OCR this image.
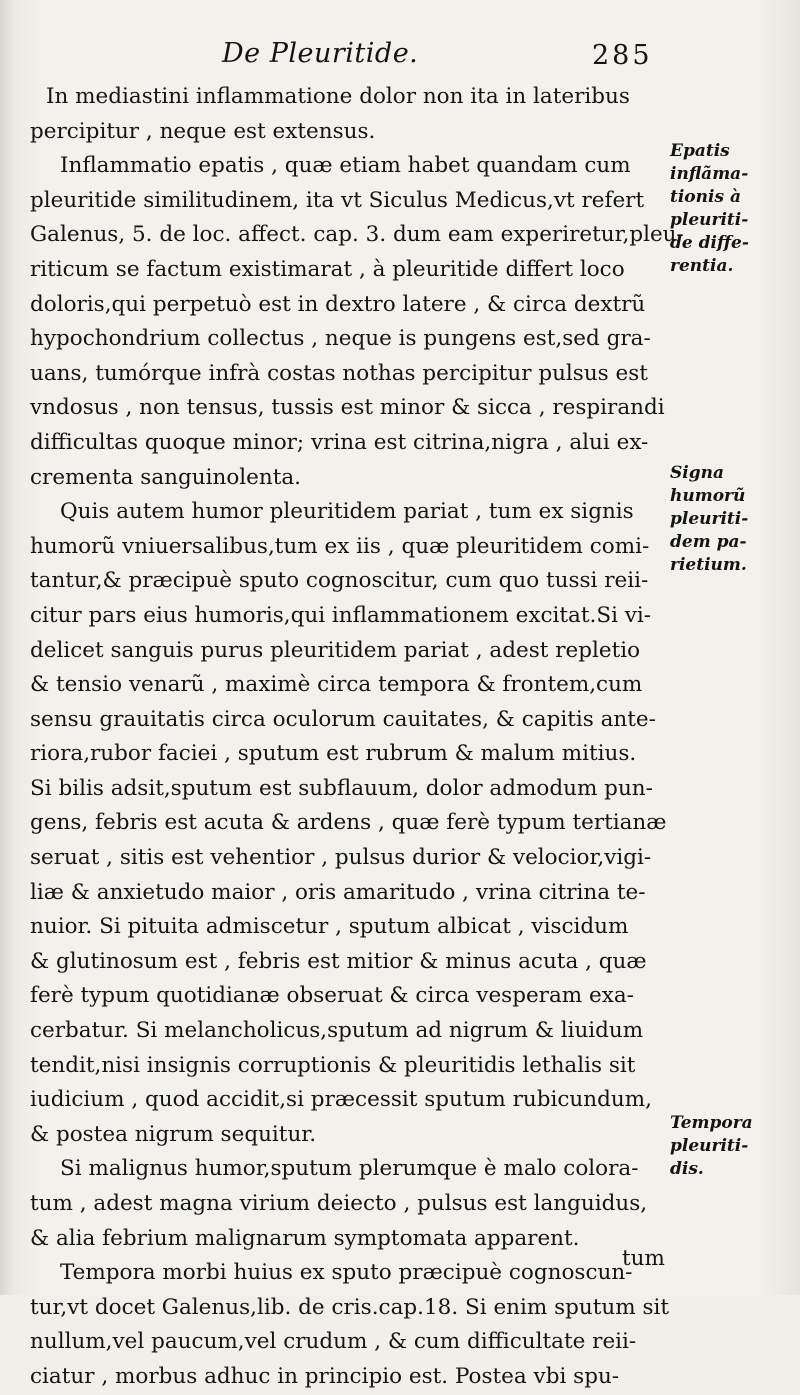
De Pleuritide.	285
In mediastini inflammatione dolor non ita in lateribus
percipitur , neque est extensus.
Inflammatio epatis , quæ etiam habet quandam cum
pleuritide similitudinem, ita vt Siculus Medicus,vt refert
Galenus, 5. de loc. affect. cap. 3. dum eam experiretur,pleu-
riticum se factum existimarat , à pleuritide differt loco
doloris,qui perpetuò est in dextro latere , & circa dextrũ
hypochondrium collectus , neque is pungens est,sed gra-
uans, tumórque infrà costas nothas percipitur pulsus est
vndosus , non tensus, tussis est minor & sicca , respirandi
difficultas quoque minor; vrina est citrina,nigra , alui ex-
crementa sanguinolenta.
Quis autem humor pleuritidem pariat , tum ex signis
humorũ vniuersalibus,tum ex iis , quæ pleuritidem comi-
tantur,& præcipuè sputo cognoscitur, cum quo tussi reii-
citur pars eius humoris,qui inflammationem excitat.Si vi-
delicet sanguis purus pleuritidem pariat , adest repletio
& tensio venarũ , maximè circa tempora & frontem,cum
sensu grauitatis circa oculorum cauitates, & capitis ante-
riora,rubor faciei , sputum est rubrum & malum mitius.
Si bilis adsit,sputum est subflauum, dolor admodum pun-
gens, febris est acuta & ardens , quæ ferè typum tertianæ
seruat , sitis est vehentior , pulsus durior & velocior,vigi-
liæ & anxietudo maior , oris amaritudo , vrina citrina te-
nuior. Si pituita admiscetur , sputum albicat , viscidum
& glutinosum est , febris est mitior & minus acuta , quæ
ferè typum quotidianæ obseruat & circa vesperam exa-
cerbatur. Si melancholicus,sputum ad nigrum & liuidum
tendit,nisi insignis corruptionis & pleuritidis lethalis sit
iudicium , quod accidit,si præcessit sputum rubicundum,
& postea nigrum sequitur.
Si malignus humor,sputum plerumque è malo colora-
tum , adest magna virium deiecto , pulsus est languidus,
& alia febrium malignarum symptomata apparent.
Tempora morbi huius ex sputo præcipuè cognoscun-
tur,vt docet Galenus,lib. de cris.cap.18. Si enim sputum sit
nullum,vel paucum,vel crudum , & cum difficultate reii-
ciatur , morbus adhuc in principio est. Postea vbi spu-
Epatis
inflãma-
tionis à
pleuriti-
de diffe-
rentia.
Signa
humorũ
pleuriti-
dem pa-
rietium.
Tempora
pleuriti-
dis.
tum
